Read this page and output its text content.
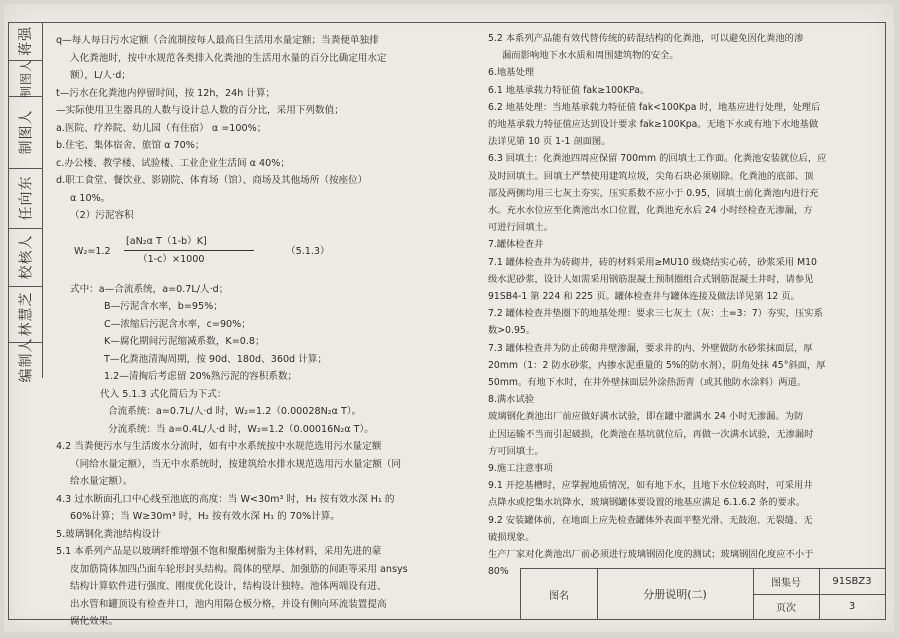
蒋强
制图人
制图人
任向东
校核人
林慧芝
编制人

q—每人每日污水定额（合流制按每人最高日生活用水量定额；当粪便单独排

入化粪池时，按中水规范各类排入化粪池的生活用水量的百分比确定用水定

额），L/人·d；

t—污水在化粪池内停留时间，按 12h，24h 计算；

—实际使用卫生器具的人数与设计总人数的百分比，采用下列数值；

a.医院、疗养院、幼儿园（有住宿） α =100%；

b.住宅、集体宿舍、旅馆 α 70%；

c.办公楼、教学楼、试验楼、工业企业生活间 α 40%；

d.职工食堂、餐饮业、影剧院、体育场（馆）、商场及其他场所（按座位）

α 10%。

（2）污泥容积

W₂=1.2
[aN₂α T（1-b）K]
（1-c）×1000
（5.1.3）

式中：a—合流系统，a=0.7L/人·d；

B—污泥含水率，b=95%；

C—浓缩后污泥含水率，c=90%；

K—腐化期间污泥缩减系数，K=0.8；

T—化粪池清淘周期，按 90d、180d、360d 计算；

1.2—清掏后考虑留 20%熟污泥的容积系数；

代入 5.1.3 式化简后为下式：

合流系统：a=0.7L/人·d 时，W₂=1.2（0.00028N₂α T）。

分流系统：当 a=0.4L/人·d 时，W₂=1.2（0.00016N₂α T）。

4.2 当粪便污水与生活废水分流时，如有中水系统按中水规范选用污水量定额

（同给水量定额），当无中水系统时，按建筑给水排水规范选用污水量定额（同

给水量定额）。

4.3 过水断面孔口中心线至池底的高度：当 W<30m³ 时，H₂ 按有效水深 H₁ 的

60%计算；当 W≥30m³ 时，H₂ 按有效水深 H₁ 的 70%计算。

5.玻璃钢化粪池结构设计

5.1 本系列产品是以玻璃纤维增强不饱和聚酯树脂为主体材料，采用先进的蒙

皮加筋筒体加四凸面车轮形封头结构。简体的壁厚、加强筋的间距等采用 ansys

结构计算软件进行强度、刚度优化设计，结构设计独特。池体两端设有进、

出水管和罐顶设有检查井口，池内用隔仓板分格，并设有侧向环流装置提高

腐化效果。

5.2 本系列产品能有效代替传统的砖混结构的化粪池，可以避免因化粪池的渗

漏而影响地下水水质和周围建筑物的安全。

6.地基处理

6.1 地基承载力特征值 fak≥100KPa。

6.2 地基处理：当地基承载力特征值 fak<100Kpa 时，地基应进行处理，处理后

的地基承载力特征值应达到设计要求 fak≥100Kpa。无地下水或有地下水地基做

法详见第 10 页 1-1 剖面图。

6.3 回填土：化粪池四周应保留 700mm 的回填土工作面。化粪池安装就位后，应

及时回填土。回填土严禁使用建筑垃圾，尖角石块必须剔除。化粪池的底部、顶

部及两侧均用三七灰土夯实，压实系数不应小于 0.95，回填土前化粪池内进行充

水。充水水位应至化粪池出水口位置，化粪池充水后 24 小时经检查无渗漏，方

可进行回填土。

7.罐体检查井

7.1 罐体检查井为砖砌井，砖的材料采用≥MU10 级烧结实心砖，砂浆采用 M10

级水泥砂浆，设计人如需采用钢筋混凝土预制圈组合式钢筋混凝土井时，请参见

91SB4-1 第 224 和 225 页。罐体检查井与罐体连接及做法详见第 12 页。

7.2 罐体检查井垫圈下的地基处理：要求三七灰土（灰：土=3：7）夯实，压实系

数>0.95。

7.3 罐体检查井为防止砖砌井壁渗漏，要求井的内、外壁做防水砂浆抹面层，厚

20mm（1：2 防水砂浆，内掺水泥重量的 5%的防水剂），阴角处抹 45°斜面，厚

50mm。有地下水时，在井外壁抹面层外涂热沥青（或其他防水涂料）两道。

8.满水试验

玻璃钢化粪池出厂前应做好满水试验，即在罐中灌满水 24 小时无渗漏。为防

止因运输不当而引起破损，化粪池在基坑就位后，再做一次满水试验，无渗漏时

方可回填土。

9.施工注意事项

9.1 开挖基槽时，应掌握地质情况，如有地下水，且地下水位较高时，可采用井

点降水或挖集水坑降水，玻璃钢罐体要设置的地基应满足 6.1.6.2 条的要求。

9.2 安装罐体前，在地面上应先检查罐体外表面平整光滑、无鼓泡、无裂缝、无

破损现象。

生产厂家对化粪池出厂前必须进行玻璃钢固化度的测试；玻璃钢固化度应不小于

80%

图名	分册说明(二)
图集号	91SBZ3
页次	3
